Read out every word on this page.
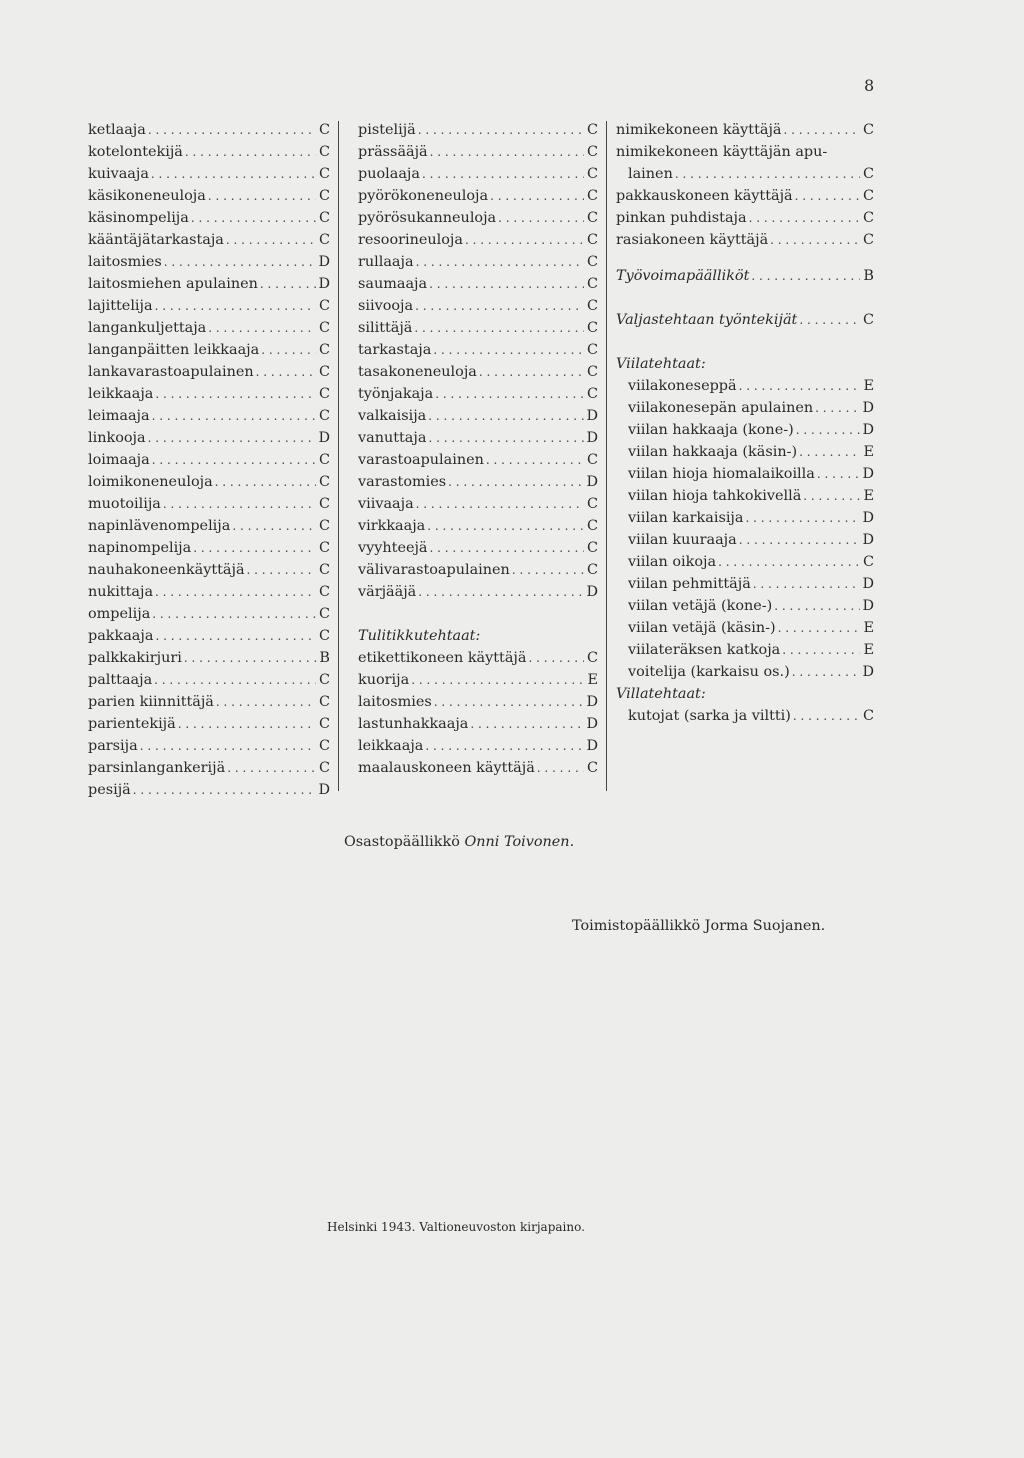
8
ketlaaja . . .	C
kotelontekijä . . .	C
kuivaaja . . .	C
käsikoneneuloja . . .	C
käsinompelija . . .	C
kääntäjätarkastaja . . .	C
laitosmies . . .	D
laitosmiehen apulainen . . .	D
lajittelija . . .	C
langankuljettaja . . .	C
langanpäitten leikkaaja . . .	C
lankavarastoapulainen . . .	C
leikkaaja . . .	C
leimaaja . . .	C
linkooja . . .	D
loimaaja . . .	C
loimikoneneuloja . . .	C
muotoilija . . .	C
napinlävenompelija . . .	C
napinompelija . . .	C
nauhakoneenkäyttäjä . . .	C
nukittaja . . .	C
ompelija . . .	C
pakkaaja . . .	C
palkkakirjuri . . .	B
palttaaja . . .	C
parien kiinnittäjä . . .	C
parientekijä . . .	C
parsija . . .	C
parsinlangankerijä . . .	C
pesijä . . .	D
pistelijä . . .	C
prässääjä . . .	C
puolaaja . . .	C
pyörökoneneuloja . . .	C
pyörösukanneuloja . . .	C
resoorineuloja . . .	C
rullaaja . . .	C
saumaaja . . .	C
siivooja . . .	C
silittäjä . . .	C
tarkastaja . . .	C
tasakoneneuloja . . .	C
työnjakaja . . .	C
valkaisija . . .	D
vanuttaja . . .	D
varastoapulainen . . .	C
varastomies . . .	D
viivaaja . . .	C
virkkaaja . . .	C
vyyhteejä . . .	C
välivarastoapulainen . . .	C
värjääjä . . .	D
Tulitikkutehtaat:
etikettikoneen käyttäjä . . .	C
kuorija . . .	E
laitosmies . . .	D
lastunhakkaaja . . .	D
leikkaaja . . .	D
maalauskoneen käyttäjä . . .	C
nimikekoneen käyttäjä . . .	C
nimikekoneen käyttäjän apu-
lainen . . .	C
pakkauskoneen käyttäjä . . .	C
pinkan puhdistaja . . .	C
rasiakoneen käyttäjä . . .	C
Työvoimapäälliköt . . .	B
Valjastehtaan työntekijät . . .	C
Viilatehtaat:
viilakoneseppä . . .	E
viilakonesepän apulainen . . .	D
viilan hakkaaja (kone-) . . .	D
viilan hakkaaja (käsin-) . . .	E
viilan hioja hiomalaikoilla . . .	D
viilan hioja tahkokivellä . . .	E
viilan karkaisija . . .	D
viilan kuuraaja . . .	D
viilan oikoja . . .	C
viilan pehmittäjä . . .	D
viilan vetäjä (kone-) . . .	D
viilan vetäjä (käsin-) . . .	E
viilateräksen katkoja . . .	E
voitelija (karkaisu os.) . . .	D
Villatehtaat:
kutojat (sarka ja viltti) . . .	C
Osastopäällikkö Onni Toivonen.
Toimistopäällikkö Jorma Suojanen.
Helsinki 1943. Valtioneuvoston kirjapaino.
